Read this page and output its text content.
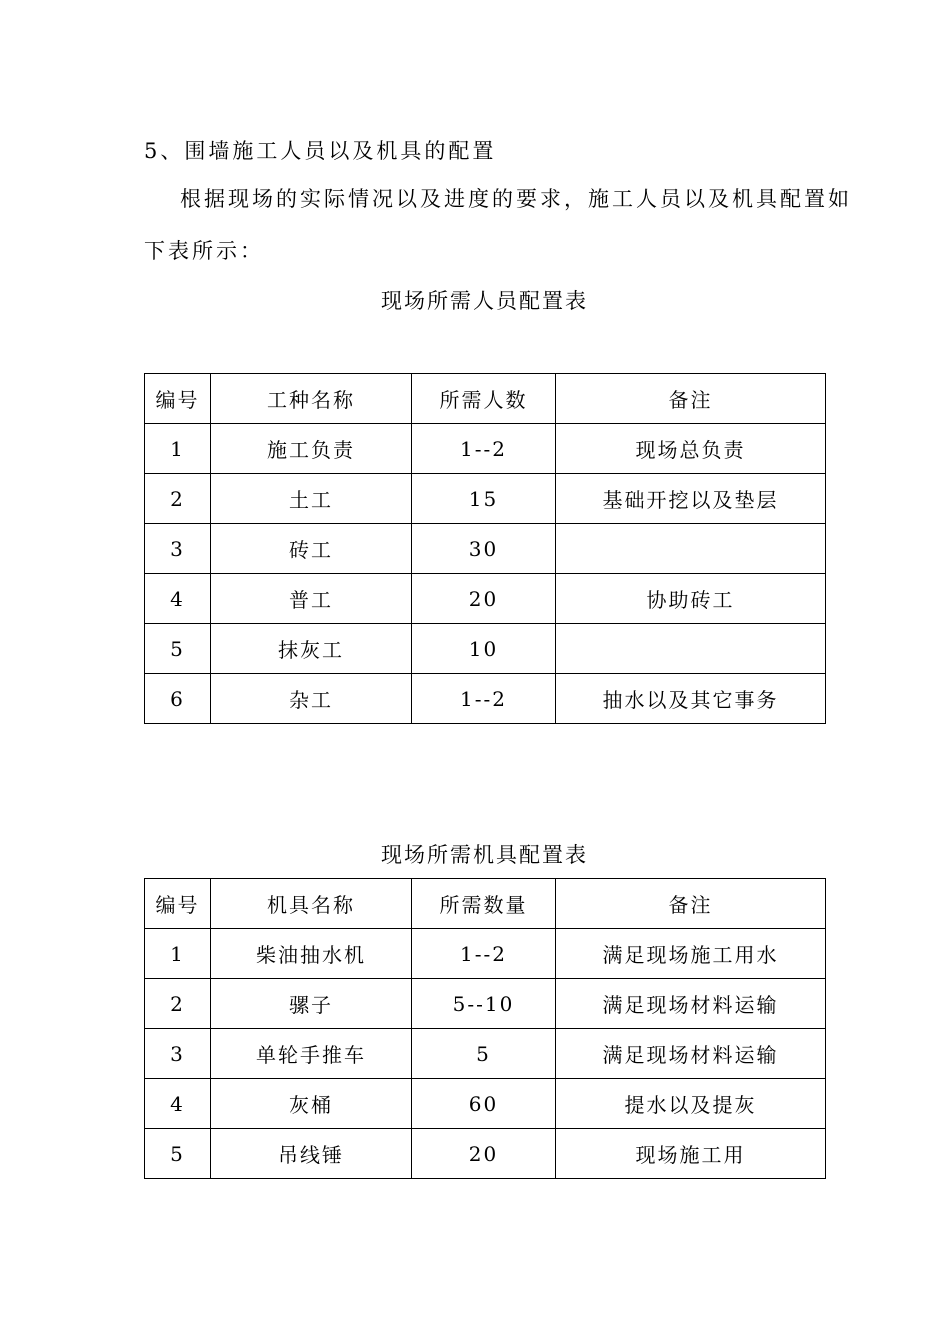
5、围墙施工人员以及机具的配置
根据现场的实际情况以及进度的要求，施工人员以及机具配置如
下表所示：
现场所需人员配置表
编号	工种名称	所需人数	备注
1	施工负责	1--2	现场总负责
2	土工	15	基础开挖以及垫层
3	砖工	30	
4	普工	20	协助砖工
5	抹灰工	10	
6	杂工	1--2	抽水以及其它事务
现场所需机具配置表
编号	机具名称	所需数量	备注
1	柴油抽水机	1--2	满足现场施工用水
2	骡子	5--10	满足现场材料运输
3	单轮手推车	5	满足现场材料运输
4	灰桶	60	提水以及提灰
5	吊线锤	20	现场施工用
